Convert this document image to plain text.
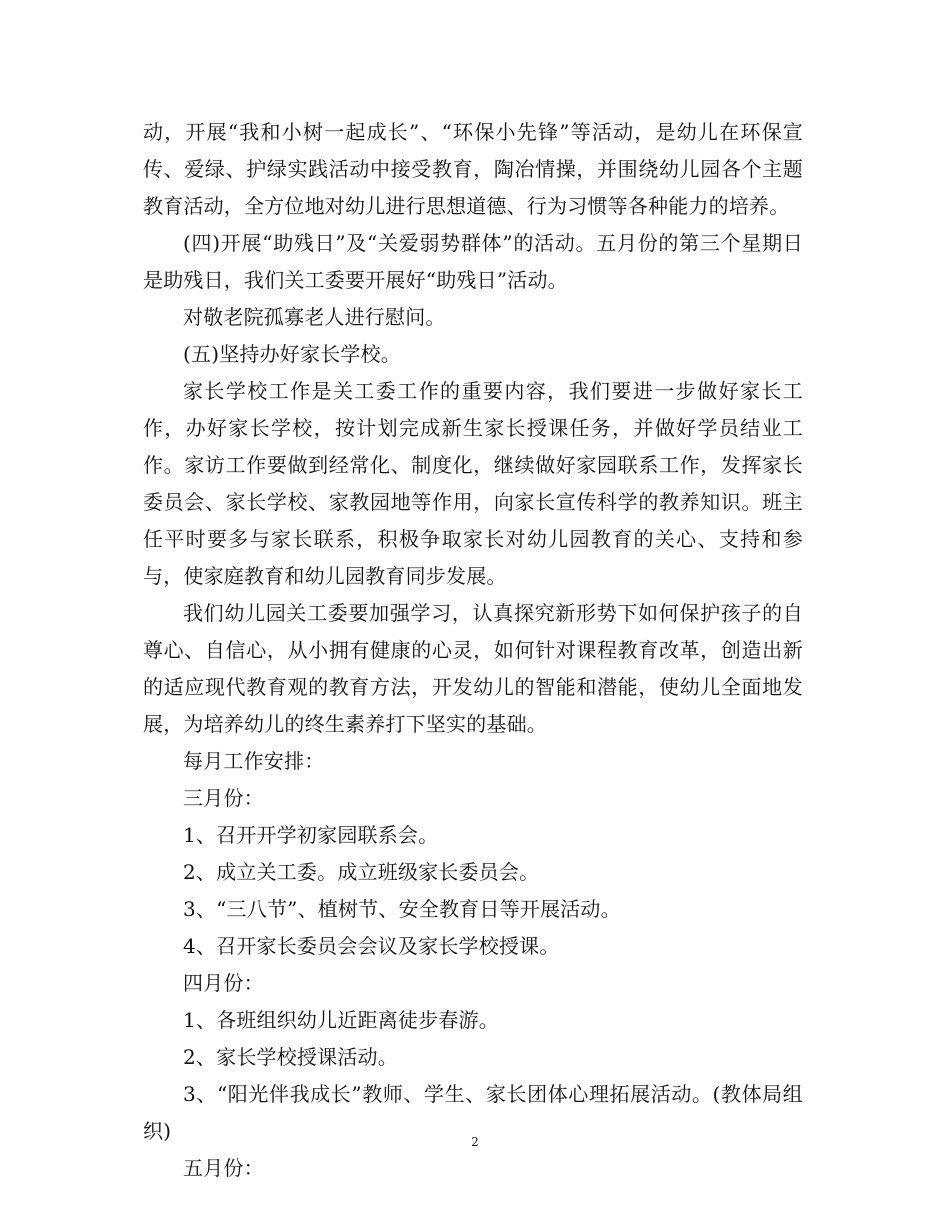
动，开展“我和小树一起成长”、“环保小先锋”等活动，是幼儿在环保宣传、爱绿、护绿实践活动中接受教育，陶冶情操，并围绕幼儿园各个主题教育活动，全方位地对幼儿进行思想道德、行为习惯等各种能力的培养。

(四)开展“助残日”及“关爱弱势群体”的活动。五月份的第三个星期日是助残日，我们关工委要开展好“助残日”活动。

对敬老院孤寡老人进行慰问。

(五)坚持办好家长学校。

家长学校工作是关工委工作的重要内容，我们要进一步做好家长工作，办好家长学校，按计划完成新生家长授课任务，并做好学员结业工作。家访工作要做到经常化、制度化，继续做好家园联系工作，发挥家长委员会、家长学校、家教园地等作用，向家长宣传科学的教养知识。班主任平时要多与家长联系，积极争取家长对幼儿园教育的关心、支持和参与，使家庭教育和幼儿园教育同步发展。

我们幼儿园关工委要加强学习，认真探究新形势下如何保护孩子的自尊心、自信心，从小拥有健康的心灵，如何针对课程教育改革，创造出新的适应现代教育观的教育方法，开发幼儿的智能和潜能，使幼儿全面地发展，为培养幼儿的终生素养打下坚实的基础。

每月工作安排：

三月份：

1、召开开学初家园联系会。

2、成立关工委。成立班级家长委员会。

3、“三八节”、植树节、安全教育日等开展活动。

4、召开家长委员会会议及家长学校授课。

四月份：

1、各班组织幼儿近距离徒步春游。

2、家长学校授课活动。

3、“阳光伴我成长”教师、学生、家长团体心理拓展活动。(教体局组织)

五月份：

2
